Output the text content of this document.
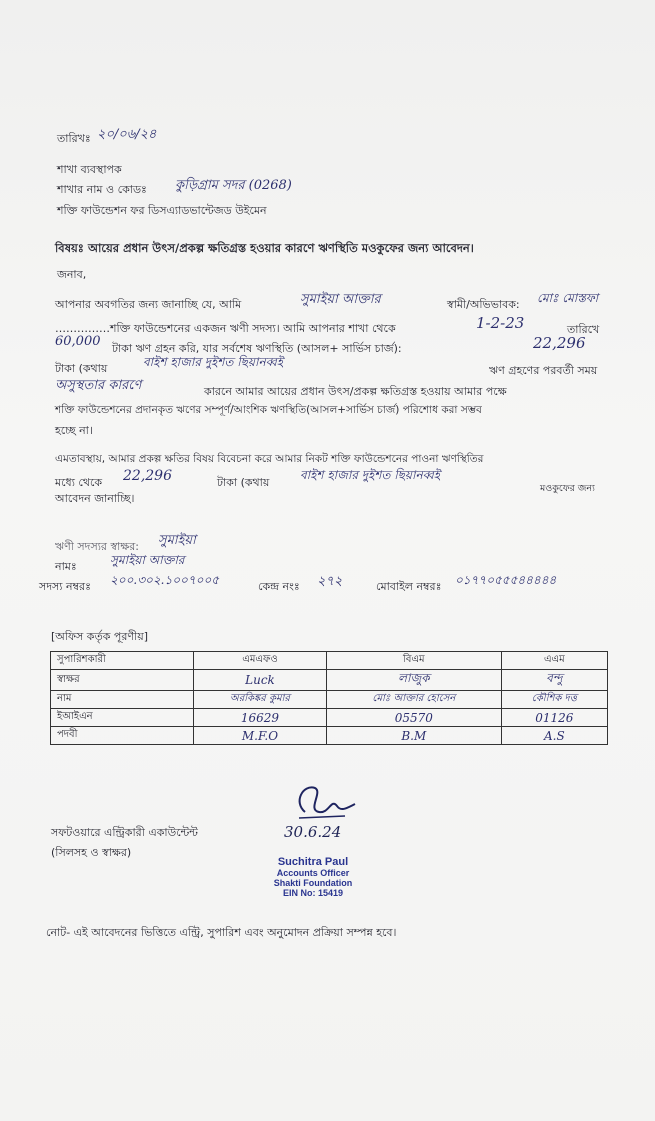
তারিখঃ ২০/০৬/২৪
শাখা ব্যবস্থাপক
শাখার নাম ও কোডঃ কুড়িগ্রাম সদর (0268)
শক্তি ফাউন্ডেশন ফর ডিসএ্যাডভান্টেজড উইমেন
বিষয়ঃ আয়ের প্রধান উৎস/প্রকল্প ক্ষতিগ্রস্ত হওয়ার কারণে ঋণস্থিতি মওকুফের জন্য আবেদন।
জনাব,
আপনার অবগতির জন্য জানাচ্ছি যে, আমি	সুমাইয়া আক্তার	স্বামী/অভিভাবক: মোঃ মোস্তফা
……………শক্তি ফাউন্ডেশনের একজন ঋণী সদস্য। আমি আপনার শাখা থেকে	1-2-23	তারিখে
60,000 টাকা ঋণ গ্রহন করি, যার সর্বশেষ ঋণস্থিতি (আসল+ সার্ভিস চার্জ):	22,296
টাকা (কথায়	বাইশ হাজার দুইশত ছিয়ানব্বই
ঋণ গ্রহণের পরবর্তী সময়
অসুস্থতার কারণে	কারনে আমার আয়ের প্রধান উৎস/প্রকল্প ক্ষতিগ্রস্ত হওয়ায় আমার পক্ষে
শক্তি ফাউন্ডেশনের প্রদানকৃত ঋণের সম্পূর্ণ/আংশিক ঋণস্থিতি(আসল+সার্ভিস চার্জ) পরিশোধ করা সম্ভব
হচ্ছে না।
এমতাবস্থায়, আমার প্রকল্প ক্ষতির বিষয় বিবেচনা করে আমার নিকট শক্তি ফাউন্ডেশনের পাওনা ঋণস্থিতির
মধ্যে থেকে 22,296	টাকা (কথায়
বাইশ হাজার দুইশত ছিয়ানব্বই
মওকুফের জন্য
আবেদন জানাচ্ছি।
ঋণী সদস্যর স্বাক্ষর: সুমাইয়া
নামঃ	সুমাইয়া আক্তার
সদস্য নম্বরঃ ২০০.৩০২.১০০৭০০৫	কেন্দ্র নংঃ ২৭২	মোবাইল নম্বরঃ ০১৭৭০৫৫৫৪৪৪৪৪
[অফিস কর্তৃক পূরণীয়]
সুপারিশকারী	এমএফও	বিএম	এএম
স্বাক্ষর	Luck	লাজুক	বন্দু
নাম	অরকিঙ্কর কুমার	মোঃ আক্তার হোসেন	কৌশিক দত্ত
ইআইএন	16629	05570	01126
পদবী	M.F.O	B.M	A.S
সফটওয়ারে এন্ট্রিকারী একাউন্টেন্ট
(সিলসহ ও স্বাক্ষর)
30.6.24
Suchitra Paul
Accounts Officer
Shakti Foundation
EIN No: 15419
নোট- এই আবেদনের ভিত্তিতে এন্ট্রি, সুপারিশ এবং অনুমোদন প্রক্রিয়া সম্পন্ন হবে।
